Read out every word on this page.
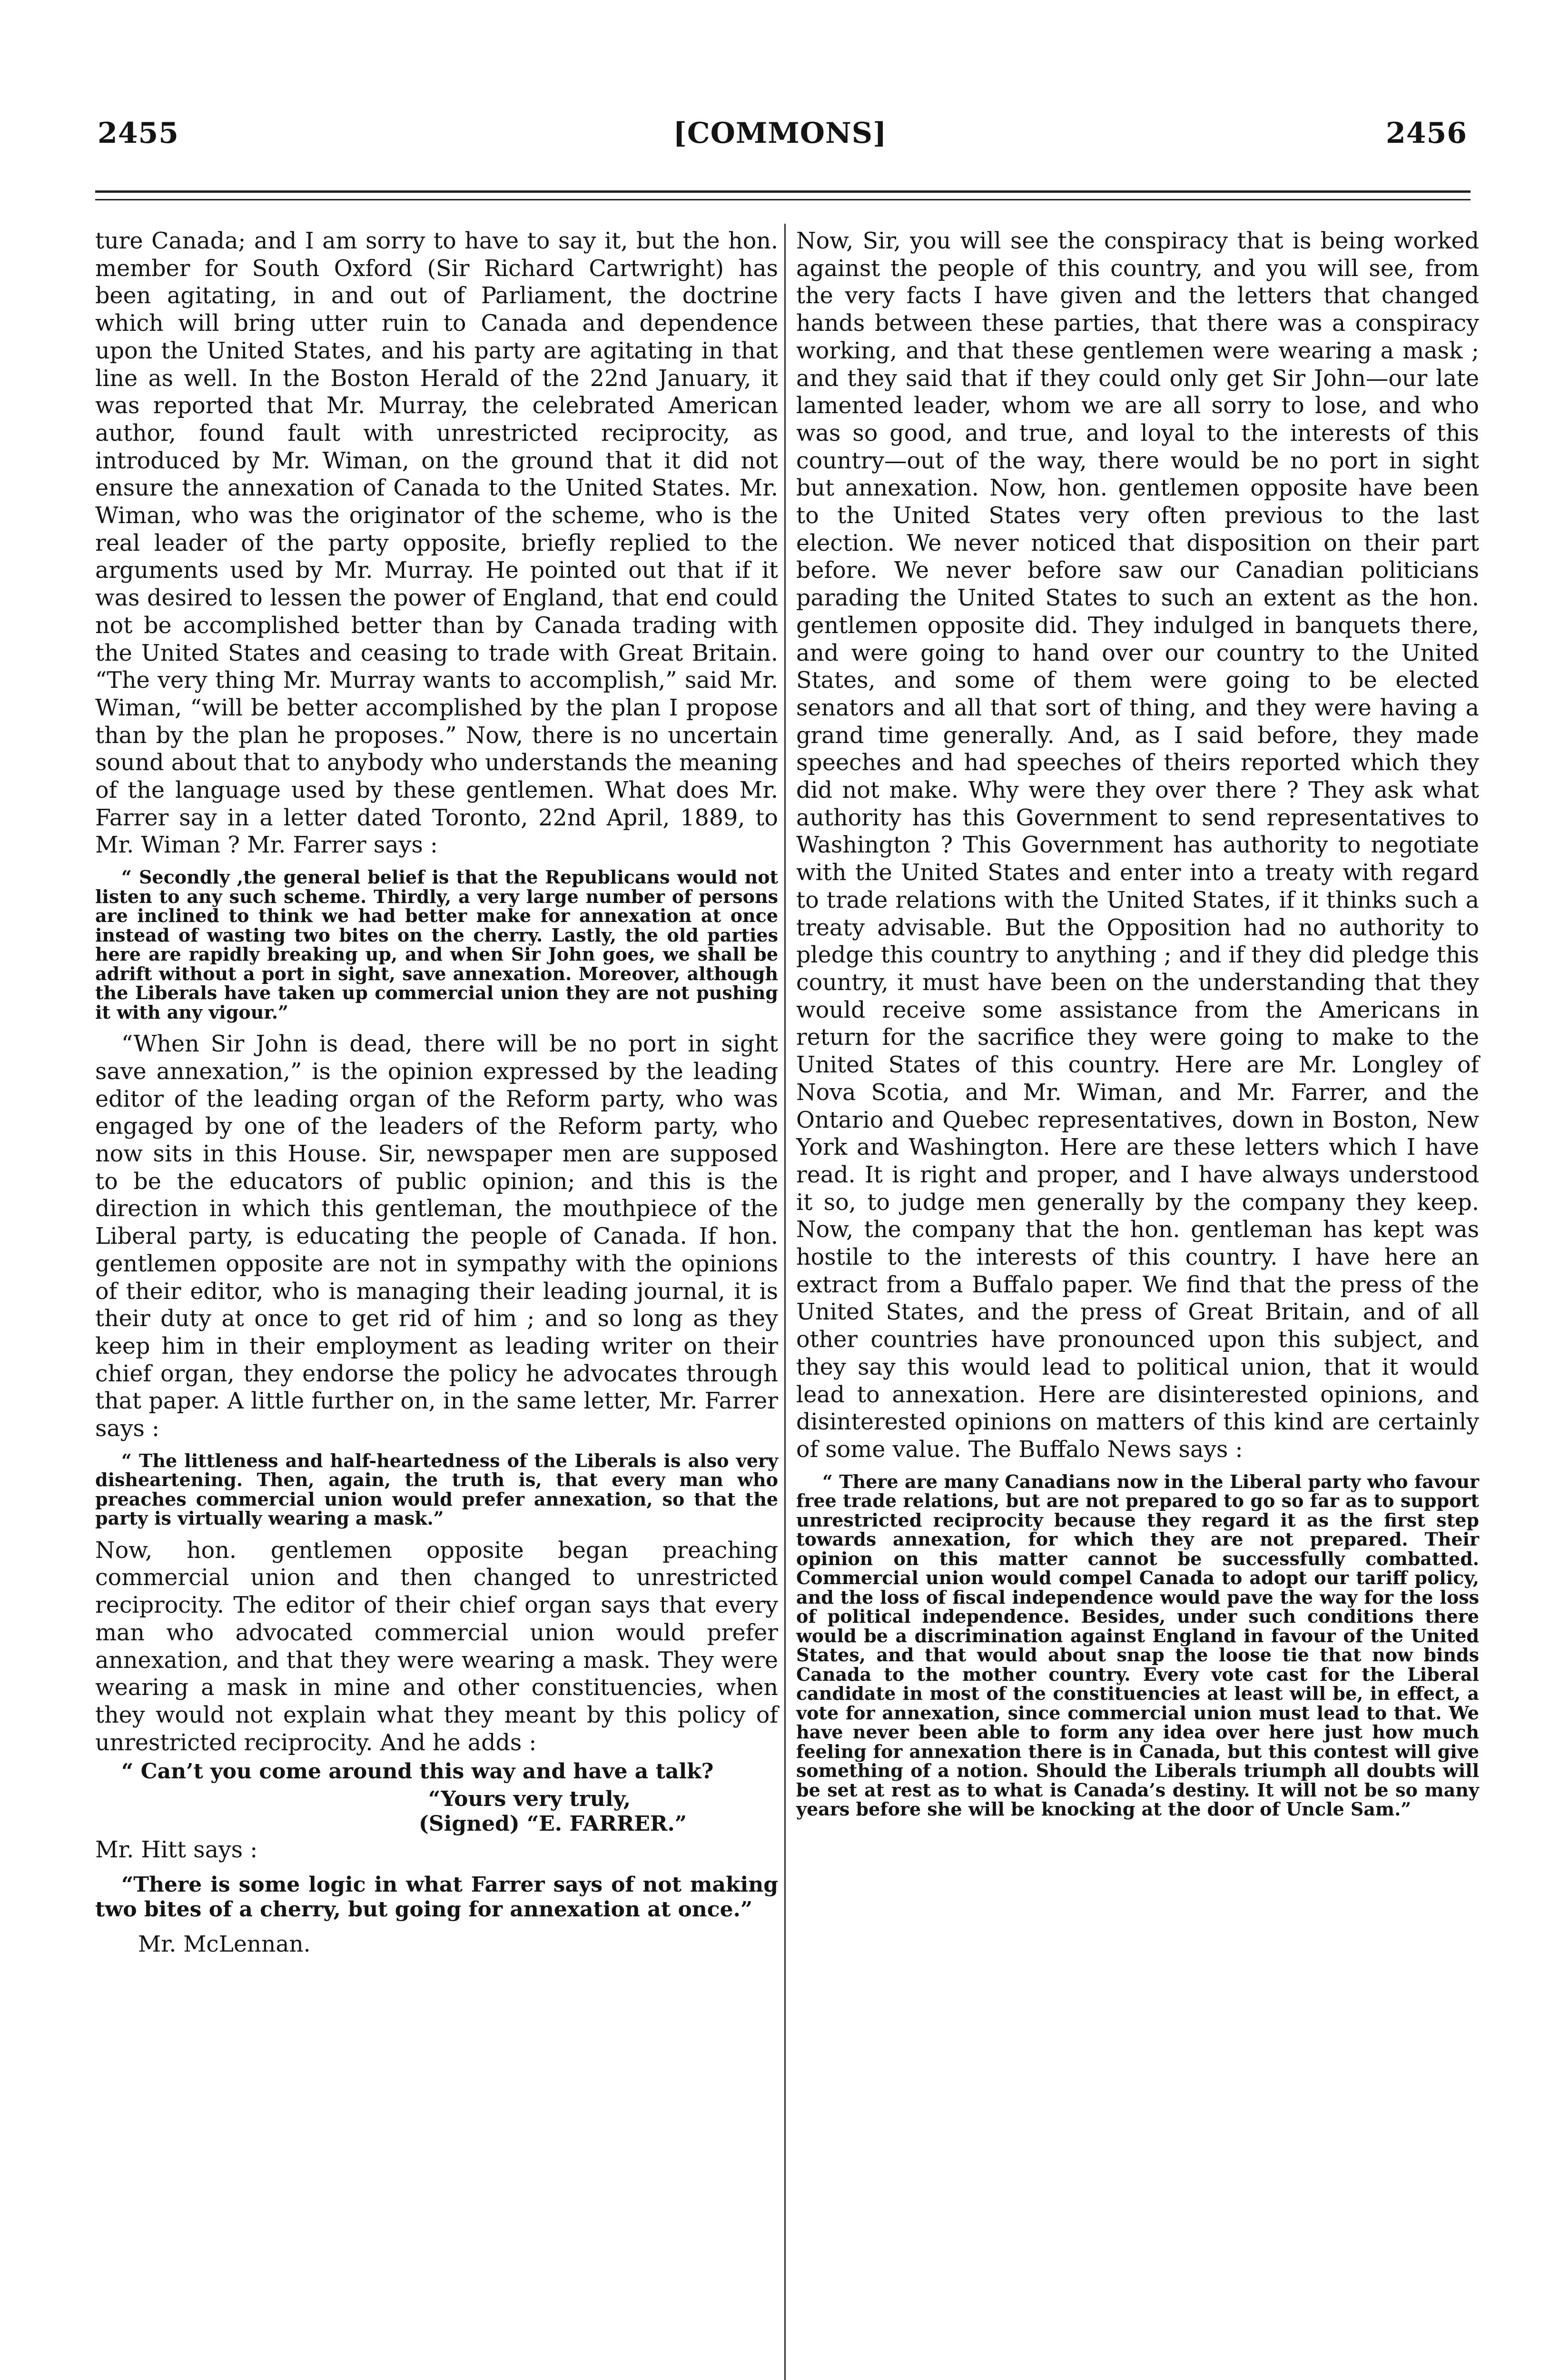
2455	[COMMONS]	2456

ture Canada; and I am sorry to have to say it, but the hon. member for South Oxford (Sir Richard Cartwright) has been agitating, in and out of Parliament, the doctrine which will bring utter ruin to Canada and dependence upon the United States, and his party are agitating in that line as well. In the Boston Herald of the 22nd January, it was reported that Mr. Murray, the celebrated American author, found fault with unrestricted reciprocity, as introduced by Mr. Wiman, on the ground that it did not ensure the annexation of Canada to the United States. Mr. Wiman, who was the originator of the scheme, who is the real leader of the party opposite, briefly replied to the arguments used by Mr. Murray. He pointed out that if it was desired to lessen the power of England, that end could not be accomplished better than by Canada trading with the United States and ceasing to trade with Great Britain. “The very thing Mr. Murray wants to accomplish,” said Mr. Wiman, “will be better accomplished by the plan I propose than by the plan he proposes.” Now, there is no uncertain sound about that to anybody who understands the meaning of the language used by these gentlemen. What does Mr. Farrer say in a letter dated Toronto, 22nd April, 1889, to Mr. Wiman ? Mr. Farrer says :

“ Secondly ,the general belief is that the Republicans would not listen to any such scheme. Thirdly, a very large number of persons are inclined to think we had better make for annexation at once instead of wasting two bites on the cherry. Lastly, the old parties here are rapidly breaking up, and when Sir John goes, we shall be adrift without a port in sight, save annexation. Moreover, although the Liberals have taken up commercial union they are not pushing it with any vigour.”

“When Sir John is dead, there will be no port in sight save annexation,” is the opinion expressed by the leading editor of the leading organ of the Reform party, who was engaged by one of the leaders of the Reform party, who now sits in this House. Sir, newspaper men are supposed to be the educators of public opinion; and this is the direction in which this gentleman, the mouthpiece of the Liberal party, is educating the people of Canada. If hon. gentlemen opposite are not in sympathy with the opinions of their editor, who is managing their leading journal, it is their duty at once to get rid of him ; and so long as they keep him in their employment as leading writer on their chief organ, they endorse the policy he advocates through that paper. A little further on, in the same letter, Mr. Farrer says :

“ The littleness and half-heartedness of the Liberals is also very disheartening. Then, again, the truth is, that every man who preaches commercial union would prefer annexation, so that the party is virtually wearing a mask.”

Now, hon. gentlemen opposite began preaching commercial union and then changed to unrestricted reciprocity. The editor of their chief organ says that every man who advocated commercial union would prefer annexation, and that they were wearing a mask. They were wearing a mask in mine and other constituencies, when they would not explain what they meant by this policy of unrestricted reciprocity. And he adds :

“ Can’t you come around this way and have a talk?

“Yours very truly,

(Signed) “E. FARRER.”

Mr. Hitt says :

“There is some logic in what Farrer says of not making two bites of a cherry, but going for annexation at once.”

Mr. McLennan.

Now, Sir, you will see the conspiracy that is being worked against the people of this country, and you will see, from the very facts I have given and the letters that changed hands between these parties, that there was a conspiracy working, and that these gentlemen were wearing a mask ; and they said that if they could only get Sir John—our late lamented leader, whom we are all sorry to lose, and who was so good, and true, and loyal to the interests of this country—out of the way, there would be no port in sight but annexation. Now, hon. gentlemen opposite have been to the United States very often previous to the last election. We never noticed that disposition on their part before. We never before saw our Canadian politicians parading the United States to such an extent as the hon. gentlemen opposite did. They indulged in banquets there, and were going to hand over our country to the United States, and some of them were going to be elected senators and all that sort of thing, and they were having a grand time generally. And, as I said before, they made speeches and had speeches of theirs reported which they did not make. Why were they over there ? They ask what authority has this Government to send representatives to Washington ? This Government has authority to negotiate with the United States and enter into a treaty with regard to trade relations with the United States, if it thinks such a treaty advisable. But the Opposition had no authority to pledge this country to anything ; and if they did pledge this country, it must have been on the understanding that they would receive some assistance from the Americans in return for the sacrifice they were going to make to the United States of this country. Here are Mr. Longley of Nova Scotia, and Mr. Wiman, and Mr. Farrer, and the Ontario and Quebec representatives, down in Boston, New York and Washington. Here are these letters which I have read. It is right and proper, and I have always understood it so, to judge men generally by the company they keep. Now, the company that the hon. gentleman has kept was hostile to the interests of this country. I have here an extract from a Buffalo paper. We find that the press of the United States, and the press of Great Britain, and of all other countries have pronounced upon this subject, and they say this would lead to political union, that it would lead to annexation. Here are disinterested opinions, and disinterested opinions on matters of this kind are certainly of some value. The Buffalo News says :

“ There are many Canadians now in the Liberal party who favour free trade relations, but are not prepared to go so far as to support unrestricted reciprocity because they regard it as the first step towards annexation, for which they are not prepared. Their opinion on this matter cannot be successfully combatted. Commercial union would compel Canada to adopt our tariff policy, and the loss of fiscal independence would pave the way for the loss of political independence. Besides, under such conditions there would be a discrimination against England in favour of the United States, and that would about snap the loose tie that now binds Canada to the mother country. Every vote cast for the Liberal candidate in most of the constituencies at least will be, in effect, a vote for annexation, since commercial union must lead to that. We have never been able to form any idea over here just how much feeling for annexation there is in Canada, but this contest will give something of a notion. Should the Liberals triumph all doubts will be set at rest as to what is Canada’s destiny. It will not be so many years before she will be knocking at the door of Uncle Sam.”
